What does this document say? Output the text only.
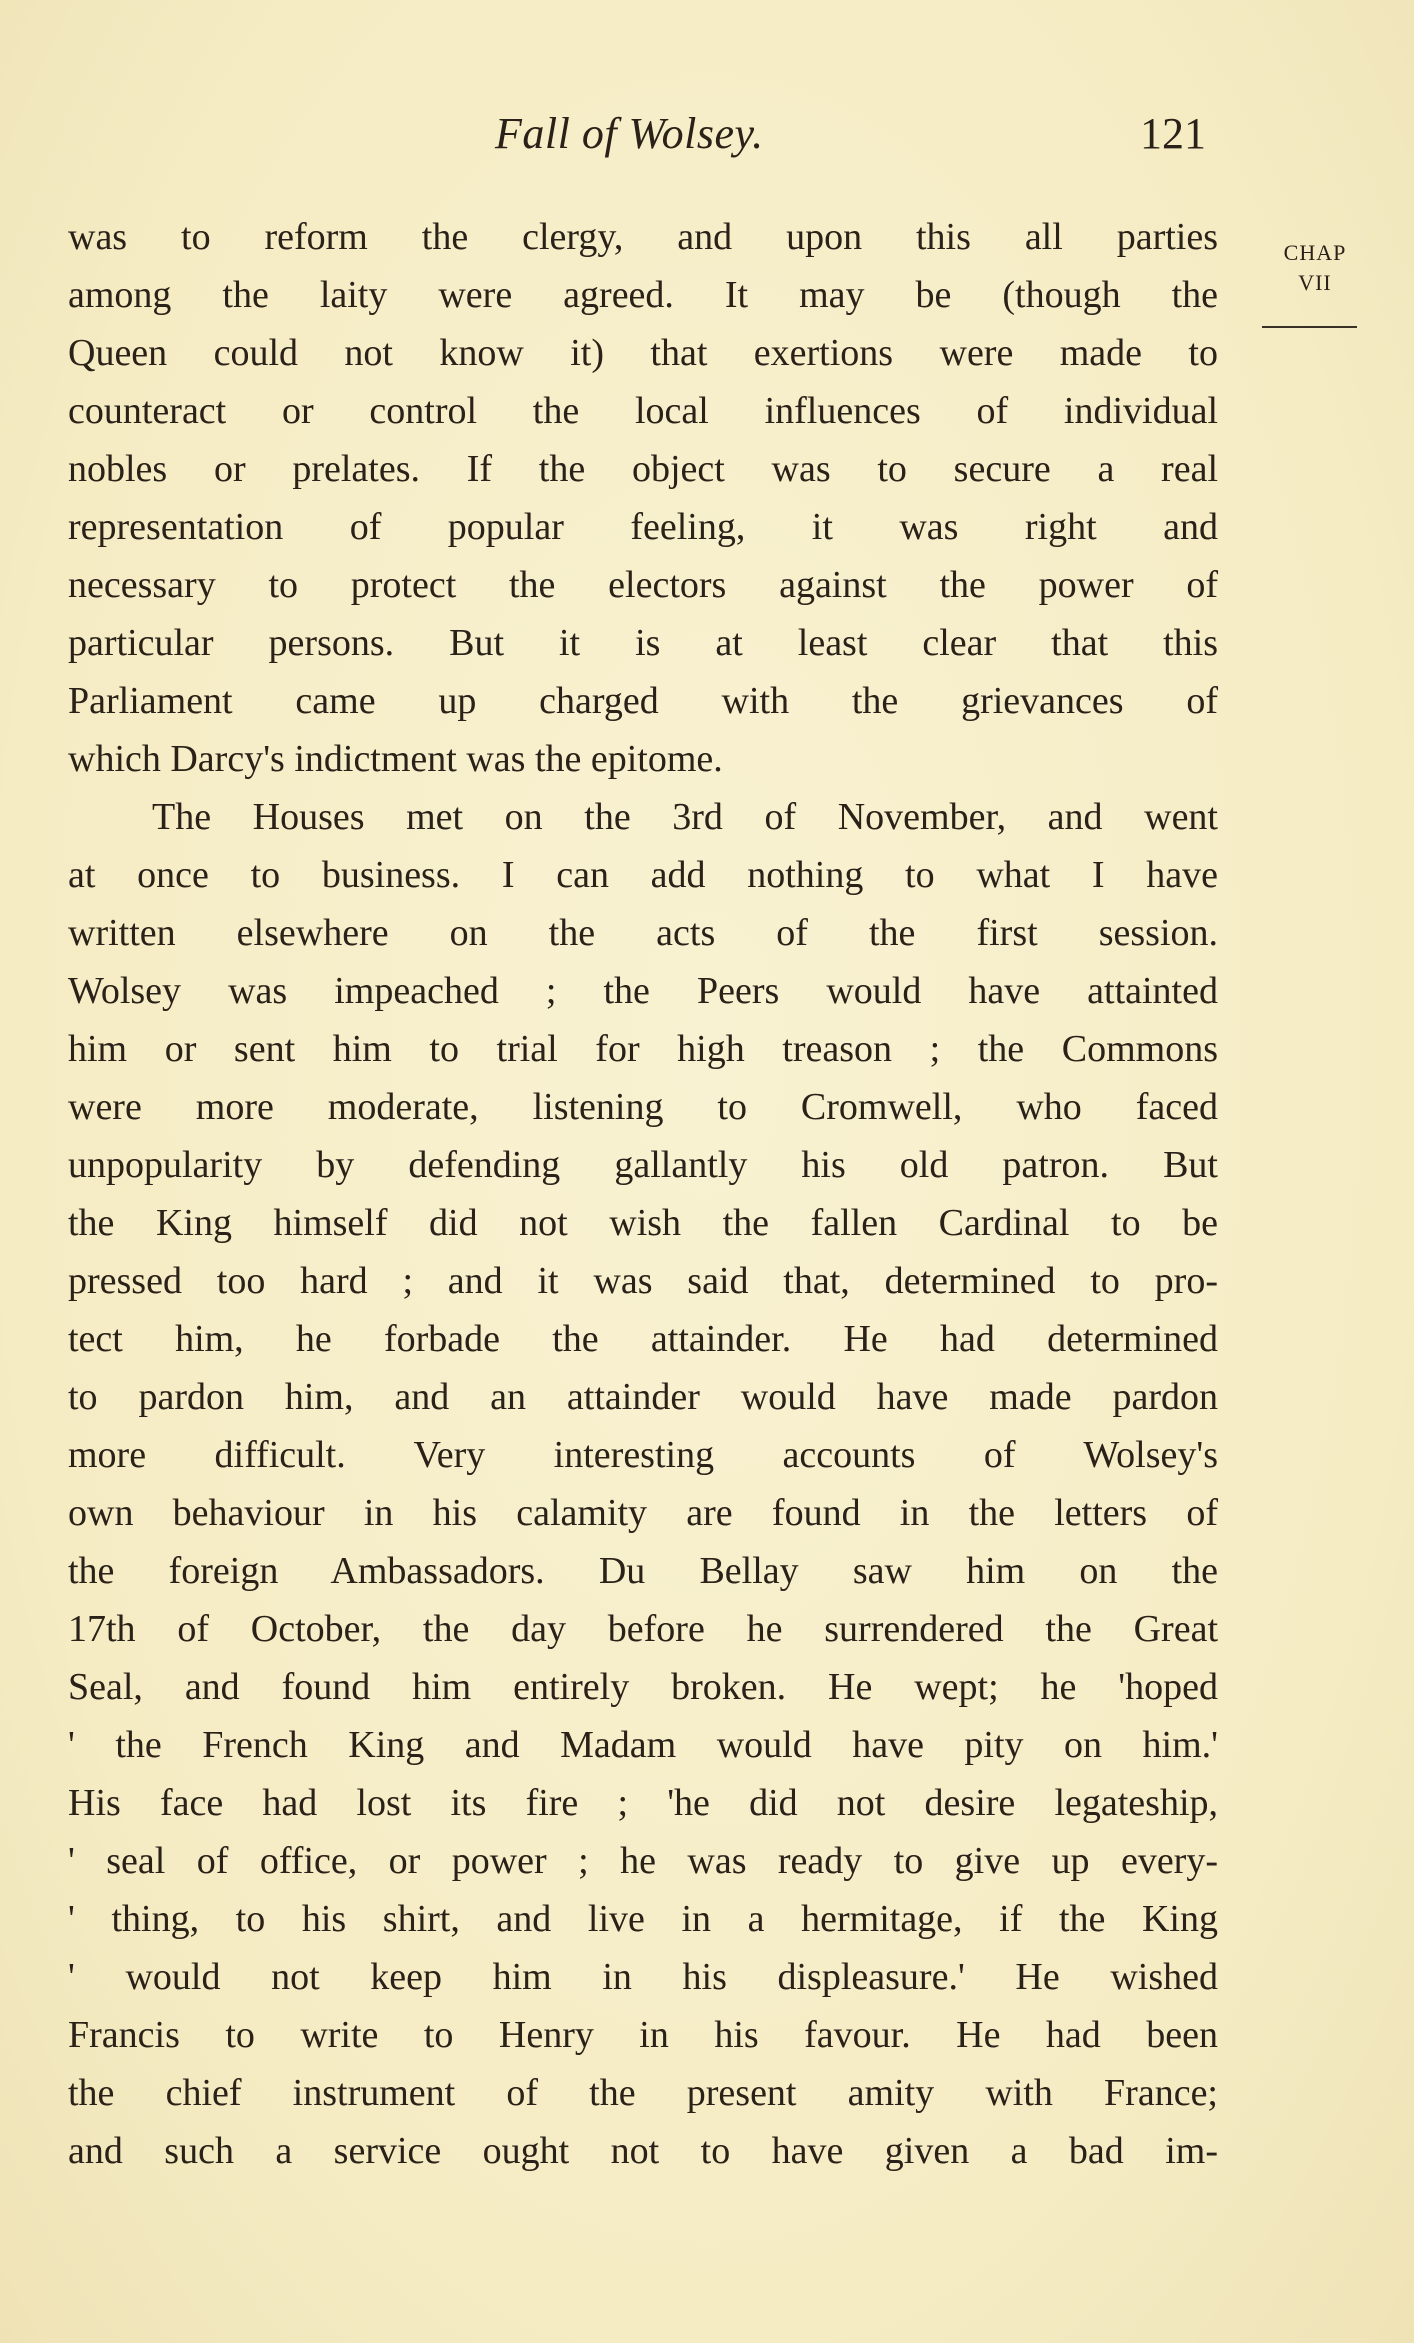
Fall of Wolsey.	121
CHAP
VII
was to reform the clergy, and upon this all parties
among the laity were agreed. It may be (though the
Queen could not know it) that exertions were made to
counteract or control the local influences of individual
nobles or prelates. If the object was to secure a real
representation of popular feeling, it was right and
necessary to protect the electors against the power of
particular persons. But it is at least clear that this
Parliament came up charged with the grievances of
which Darcy's indictment was the epitome.
The Houses met on the 3rd of November, and went
at once to business. I can add nothing to what I have
written elsewhere on the acts of the first session.
Wolsey was impeached ; the Peers would have attainted
him or sent him to trial for high treason ; the Commons
were more moderate, listening to Cromwell, who faced
unpopularity by defending gallantly his old patron. But
the King himself did not wish the fallen Cardinal to be
pressed too hard ; and it was said that, determined to pro-
tect him, he forbade the attainder. He had determined
to pardon him, and an attainder would have made pardon
more difficult. Very interesting accounts of Wolsey's
own behaviour in his calamity are found in the letters of
the foreign Ambassadors. Du Bellay saw him on the
17th of October, the day before he surrendered the Great
Seal, and found him entirely broken. He wept; he 'hoped
' the French King and Madam would have pity on him.'
His face had lost its fire ; 'he did not desire legateship,
' seal of office, or power ; he was ready to give up every-
' thing, to his shirt, and live in a hermitage, if the King
' would not keep him in his displeasure.' He wished
Francis to write to Henry in his favour. He had been
the chief instrument of the present amity with France;
and such a service ought not to have given a bad im-
